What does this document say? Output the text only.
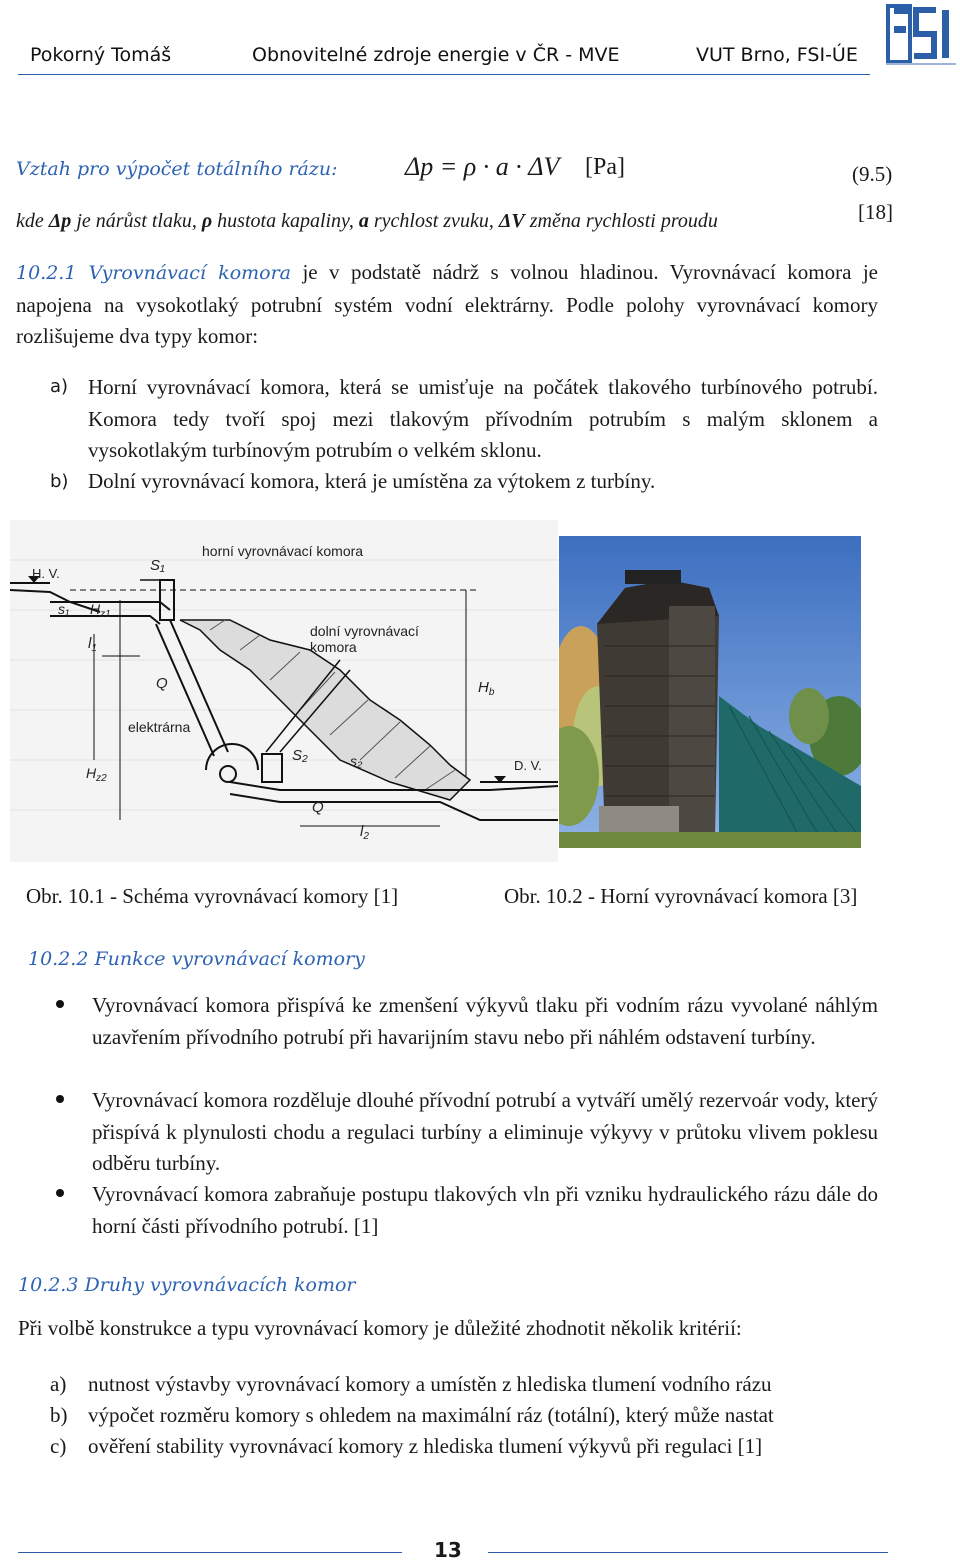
Pokorný Tomáš	Obnovitelné zdroje energie v ČR - MVE	VUT Brno, FSI-ÚE
Vztah pro výpočet totálního rázu:	Δp = ρ · a · ΔV [Pa]	(9.5)
kde Δp je nárůst tlaku, ρ hustota kapaliny, a rychlost zvuku, ΔV změna rychlosti proudu	[18]
10.2.1 Vyrovnávací komora je v podstatě nádrž s volnou hladinou. Vyrovnávací komora je napojena na vysokotlaký potrubní systém vodní elektrárny. Podle polohy vyrovnávací komory rozlišujeme dva typy komor:
a) Horní vyrovnávací komora, která se umisťuje na počátek tlakového turbínového potrubí. Komora tedy tvoří spoj mezi tlakovým přívodním potrubím s malým sklonem a vysokotlakým turbínovým potrubím o velkém sklonu.
b) Dolní vyrovnávací komora, která je umístěna za výtokem z turbíny.
H. V.	S₁
s₁ $H_{z1}$
$l_1$
horní vyrovnávací komora
dolní vyrovnávací
komora
Q
elektrárna
$H_b$
S₂	s₂
$H_{z2}$
D. V.
Q
$l_2$
Obr. 10.1 - Schéma vyrovnávací komory [1]	Obr. 10.2 - Horní vyrovnávací komora [3]
10.2.2 Funkce vyrovnávací komory
Vyrovnávací komora přispívá ke zmenšení výkyvů tlaku při vodním rázu vyvolané náhlým uzavřením přívodního potrubí při havarijním stavu nebo při náhlém odstavení turbíny.
Vyrovnávací komora rozděluje dlouhé přívodní potrubí a vytváří umělý rezervoár vody, který přispívá k plynulosti chodu a regulaci turbíny a eliminuje výkyvy v průtoku vlivem poklesu odběru turbíny.
Vyrovnávací komora zabraňuje postupu tlakových vln při vzniku hydraulického rázu dále do horní části přívodního potrubí. [1]
10.2.3 Druhy vyrovnávacích komor
Při volbě konstrukce a typu vyrovnávací komory je důležité zhodnotit několik kritérií:
a) nutnost výstavby vyrovnávací komory a umístěn z hlediska tlumení vodního rázu
b) výpočet rozměru komory s ohledem na maximální ráz (totální), který může nastat
c) ověření stability vyrovnávací komory z hlediska tlumení výkyvů při regulaci [1]
13
